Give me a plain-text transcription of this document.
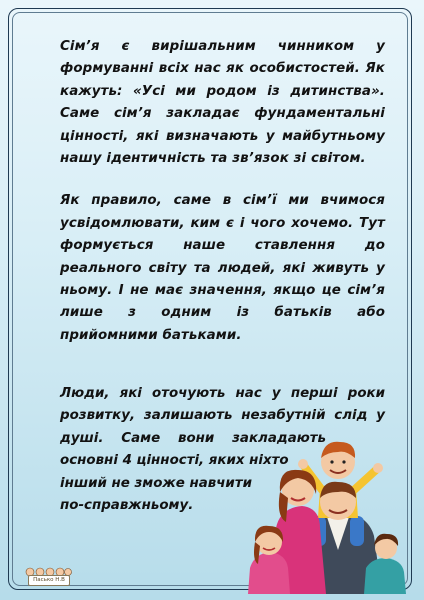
Сім’я є вирішальним чинником у формуванні всіх нас як особистостей. Як кажуть: «Усі ми родом із дитинства». Саме сім’я закладає фундаментальні цінності, які визначають у майбутньому нашу ідентичність та зв’язок зі світом.

Як правило, саме в сім’ї ми вчимося усвідомлювати, ким є і чого хочемо. Тут формується наше ставлення до реального світу та людей, які живуть у ньому. І не має значення, якщо це сім’я лише з одним із батьків або прийомними батьками.

Люди, які оточують нас у перші роки
розвитку, залишають незабутній слід у
душі. Саме вони закладають
основні 4 цінності, яких ніхто
інший не зможе навчити
по-справжньому.
Пасько Н.В
